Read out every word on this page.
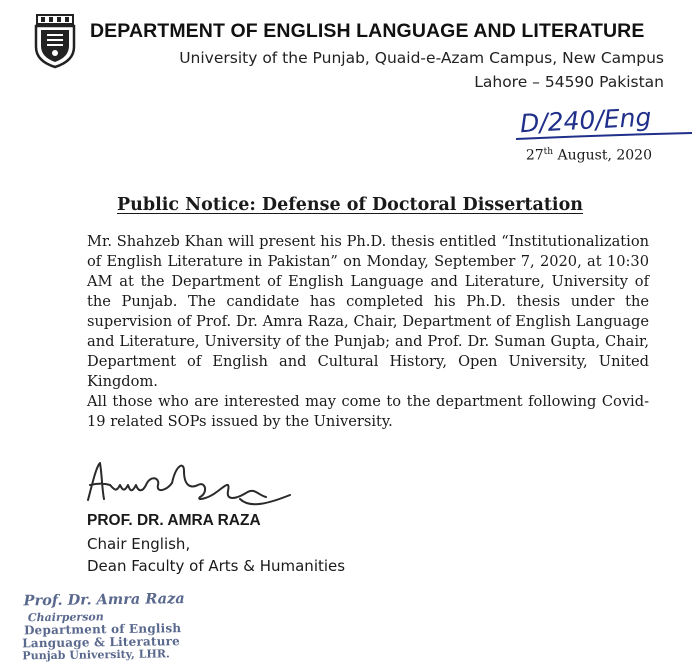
DEPARTMENT OF ENGLISH LANGUAGE AND LITERATURE
University of the Punjab, Quaid-e-Azam Campus, New Campus
Lahore – 54590 Pakistan
D/240/Eng
27th August, 2020
Public Notice: Defense of Doctoral Dissertation

Mr. Shahzeb Khan will present his Ph.D. thesis entitled “Institutionalization of English Literature in Pakistan” on Monday, September 7, 2020, at 10:30 AM at the Department of English Language and Literature, University of the Punjab. The candidate has completed his Ph.D. thesis under the supervision of Prof. Dr. Amra Raza, Chair, Department of English Language and Literature, University of the Punjab; and Prof. Dr. Suman Gupta, Chair, Department of English and Cultural History, Open University, United Kingdom.

All those who are interested may come to the department following Covid-19 related SOPs issued by the University.

PROF. DR. AMRA RAZA
Chair English,
Dean Faculty of Arts & Humanities
Prof. Dr. Amra Raza
Chairperson
Department of English
Language & Literature
Punjab University, LHR.
